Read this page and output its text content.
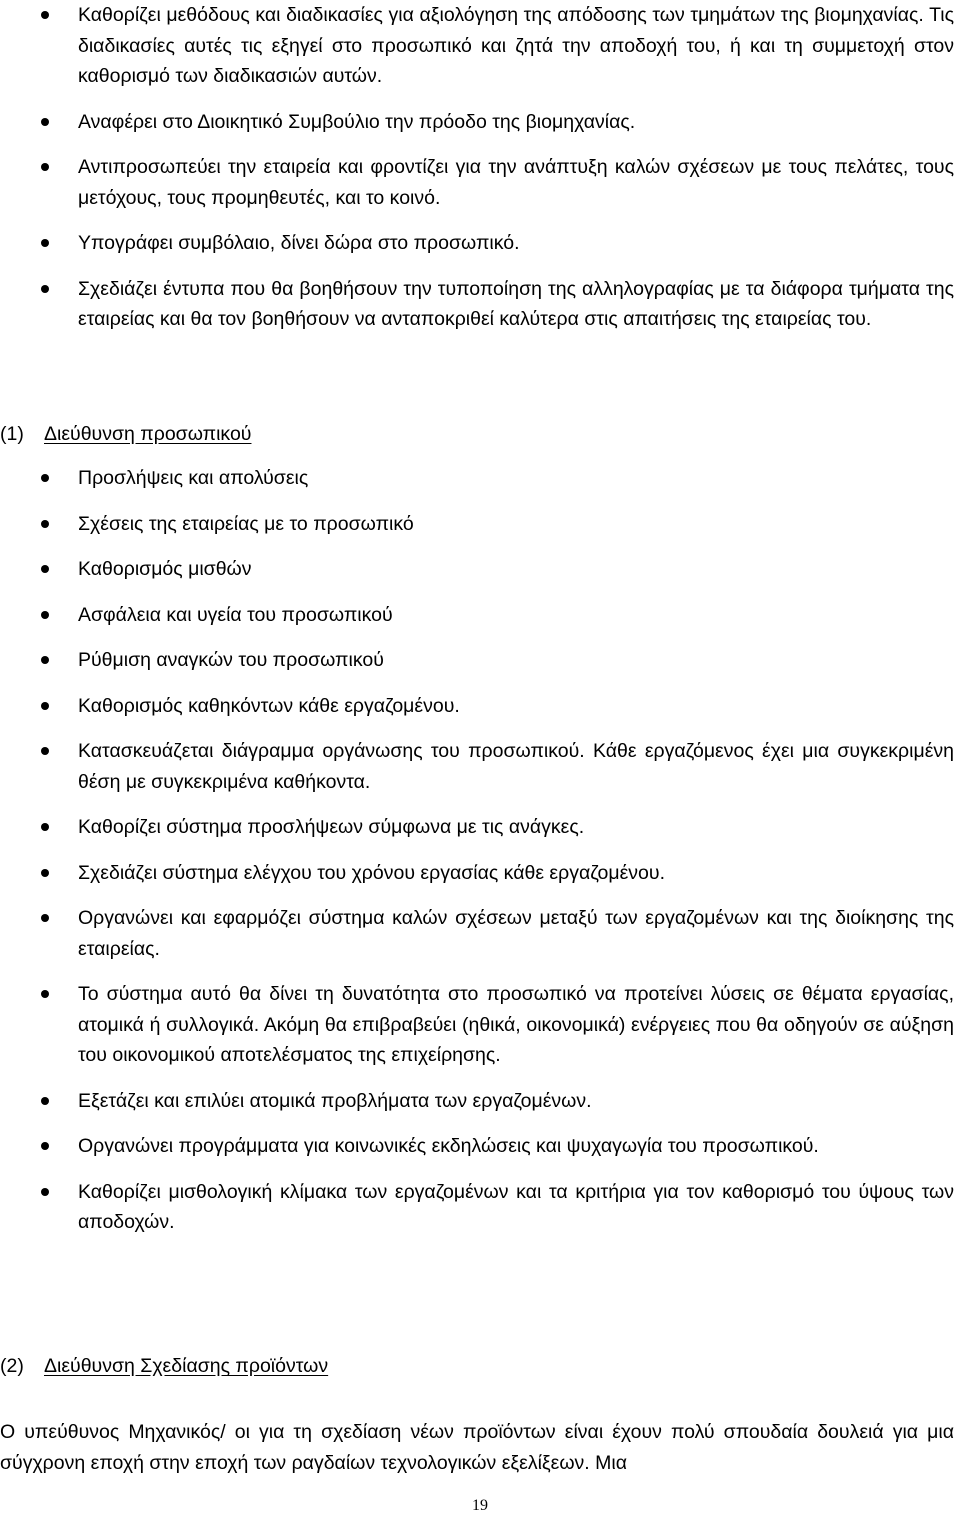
Καθορίζει μεθόδους και διαδικασίες για αξιολόγηση της απόδοσης των τμημάτων της βιομηχανίας. Τις διαδικασίες αυτές τις εξηγεί στο προσωπικό και ζητά την αποδοχή του, ή και τη συμμετοχή στον καθορισμό των διαδικασιών αυτών.
Αναφέρει στο Διοικητικό Συμβούλιο την πρόοδο της βιομηχανίας.
Αντιπροσωπεύει την εταιρεία και φροντίζει για την ανάπτυξη καλών σχέσεων με τους πελάτες, τους μετόχους, τους προμηθευτές, και το κοινό.
Υπογράφει συμβόλαιο, δίνει δώρα στο προσωπικό.
Σχεδιάζει έντυπα που θα βοηθήσουν την τυποποίηση της αλληλογραφίας με τα διάφορα τμήματα της εταιρείας και θα τον βοηθήσουν να ανταποκριθεί καλύτερα στις απαιτήσεις της εταιρείας του.
(1) Διεύθυνση προσωπικού
Προσλήψεις και απολύσεις
Σχέσεις της εταιρείας με το προσωπικό
Καθορισμός μισθών
Ασφάλεια και υγεία του προσωπικού
Ρύθμιση αναγκών του προσωπικού
Καθορισμός καθηκόντων κάθε εργαζομένου.
Κατασκευάζεται διάγραμμα οργάνωσης του προσωπικού. Κάθε εργαζόμενος έχει μια συγκεκριμένη θέση με συγκεκριμένα καθήκοντα.
Καθορίζει σύστημα προσλήψεων σύμφωνα με τις ανάγκες.
Σχεδιάζει σύστημα ελέγχου του χρόνου εργασίας κάθε εργαζομένου.
Οργανώνει και εφαρμόζει σύστημα καλών σχέσεων μεταξύ των εργαζομένων και της διοίκησης της εταιρείας.
Το σύστημα αυτό θα δίνει τη δυνατότητα στο προσωπικό να προτείνει λύσεις σε θέματα εργασίας, ατομικά ή συλλογικά. Ακόμη θα επιβραβεύει (ηθικά, οικονομικά) ενέργειες που θα οδηγούν σε αύξηση του οικονομικού αποτελέσματος της επιχείρησης.
Εξετάζει και επιλύει ατομικά προβλήματα των εργαζομένων.
Οργανώνει προγράμματα για κοινωνικές εκδηλώσεις και ψυχαγωγία του προσωπικού.
Καθορίζει μισθολογική κλίμακα των εργαζομένων και τα κριτήρια για τον καθορισμό του ύψους των αποδοχών.
(2) Διεύθυνση Σχεδίασης προϊόντων

Ο υπεύθυνος Μηχανικός/ οι για τη σχεδίαση νέων προϊόντων είναι έχουν πολύ σπουδαία δουλειά για μια σύγχρονη εποχή στην εποχή των ραγδαίων τεχνολογικών εξελίξεων. Μια

19
